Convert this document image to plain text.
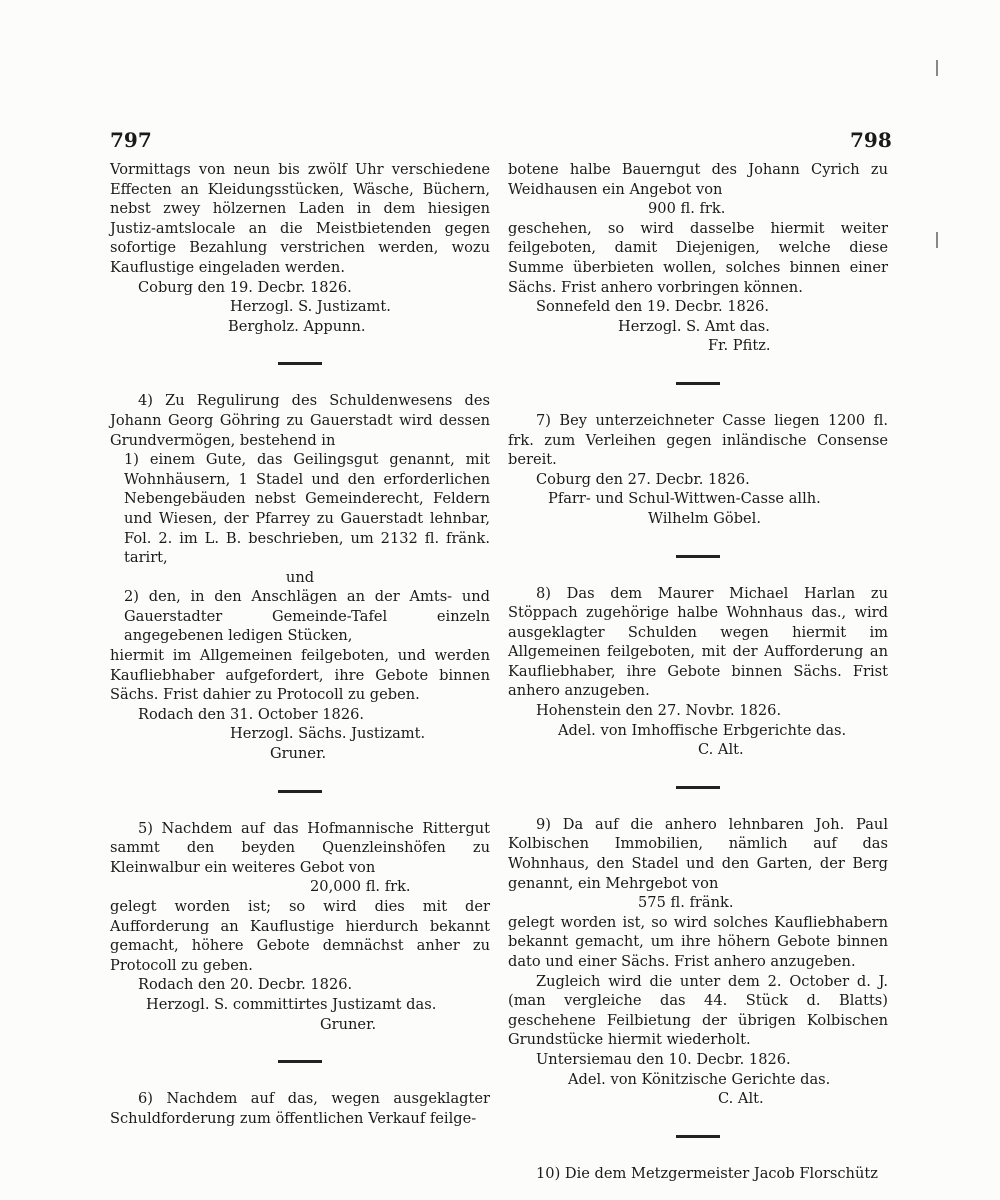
797	798

Vormittags von neun bis zwölf Uhr verschiedene Effecten an Kleidungsstücken, Wäsche, Büchern, nebst zwey hölzernen Laden in dem hiesigen Justiz-amtslocale an die Meistbietenden gegen sofortige Bezahlung verstrichen werden, wozu Kauflustige eingeladen werden.

Coburg den 19. Decbr. 1826.

Herzogl. S. Justizamt.

Bergholz. Appunn.

4) Zu Regulirung des Schuldenwesens des Johann Georg Göhring zu Gauerstadt wird dessen Grundvermögen, bestehend in

1) einem Gute, das Geilingsgut genannt, mit Wohnhäusern, 1 Stadel und den erforderlichen Nebengebäuden nebst Gemeinderecht, Feldern und Wiesen, der Pfarrey zu Gauerstadt lehnbar, Fol. 2. im L. B. beschrieben, um 2132 fl. fränk. tarirt,

und

2) den, in den Anschlägen an der Amts- und Gauerstadter Gemeinde-Tafel einzeln angegebenen ledigen Stücken,

hiermit im Allgemeinen feilgeboten, und werden Kaufliebhaber aufgefordert, ihre Gebote binnen Sächs. Frist dahier zu Protocoll zu geben.

Rodach den 31. October 1826.

Herzogl. Sächs. Justizamt.

Gruner.

5) Nachdem auf das Hofmannische Rittergut sammt den beyden Quenzleinshöfen zu Kleinwalbur ein weiteres Gebot von

20,000 fl. frk.

gelegt worden ist; so wird dies mit der Aufforderung an Kauflustige hierdurch bekannt gemacht, höhere Gebote demnächst anher zu Protocoll zu geben.

Rodach den 20. Decbr. 1826.

Herzogl. S. committirtes Justizamt das.

Gruner.

6) Nachdem auf das, wegen ausgeklagter Schuldforderung zum öffentlichen Verkauf feilge-

botene halbe Bauerngut des Johann Cyrich zu Weidhausen ein Angebot von

900 fl. frk.

geschehen, so wird dasselbe hiermit weiter feilgeboten, damit Diejenigen, welche diese Summe überbieten wollen, solches binnen einer Sächs. Frist anhero vorbringen können.

Sonnefeld den 19. Decbr. 1826.

Herzogl. S. Amt das.

Fr. Pfitz.

7) Bey unterzeichneter Casse liegen 1200 fl. frk. zum Verleihen gegen inländische Consense bereit.

Coburg den 27. Decbr. 1826.

Pfarr- und Schul-Wittwen-Casse allh.

Wilhelm Göbel.

8) Das dem Maurer Michael Harlan zu Stöppach zugehörige halbe Wohnhaus das., wird ausgeklagter Schulden wegen hiermit im Allgemeinen feilgeboten, mit der Aufforderung an Kaufliebhaber, ihre Gebote binnen Sächs. Frist anhero anzugeben.

Hohenstein den 27. Novbr. 1826.

Adel. von Imhoffische Erbgerichte das.

C. Alt.

9) Da auf die anhero lehnbaren Joh. Paul Kolbischen Immobilien, nämlich auf das Wohnhaus, den Stadel und den Garten, der Berg genannt, ein Mehrgebot von

575 fl. fränk.

gelegt worden ist, so wird solches Kaufliebhabern bekannt gemacht, um ihre höhern Gebote binnen dato und einer Sächs. Frist anhero anzugeben.

Zugleich wird die unter dem 2. October d. J. (man vergleiche das 44. Stück d. Blatts) geschehene Feilbietung der übrigen Kolbischen Grundstücke hiermit wiederholt.

Untersiemau den 10. Decbr. 1826.

Adel. von Könitzische Gerichte das.

C. Alt.

10) Die dem Metzgermeister Jacob Florschütz
